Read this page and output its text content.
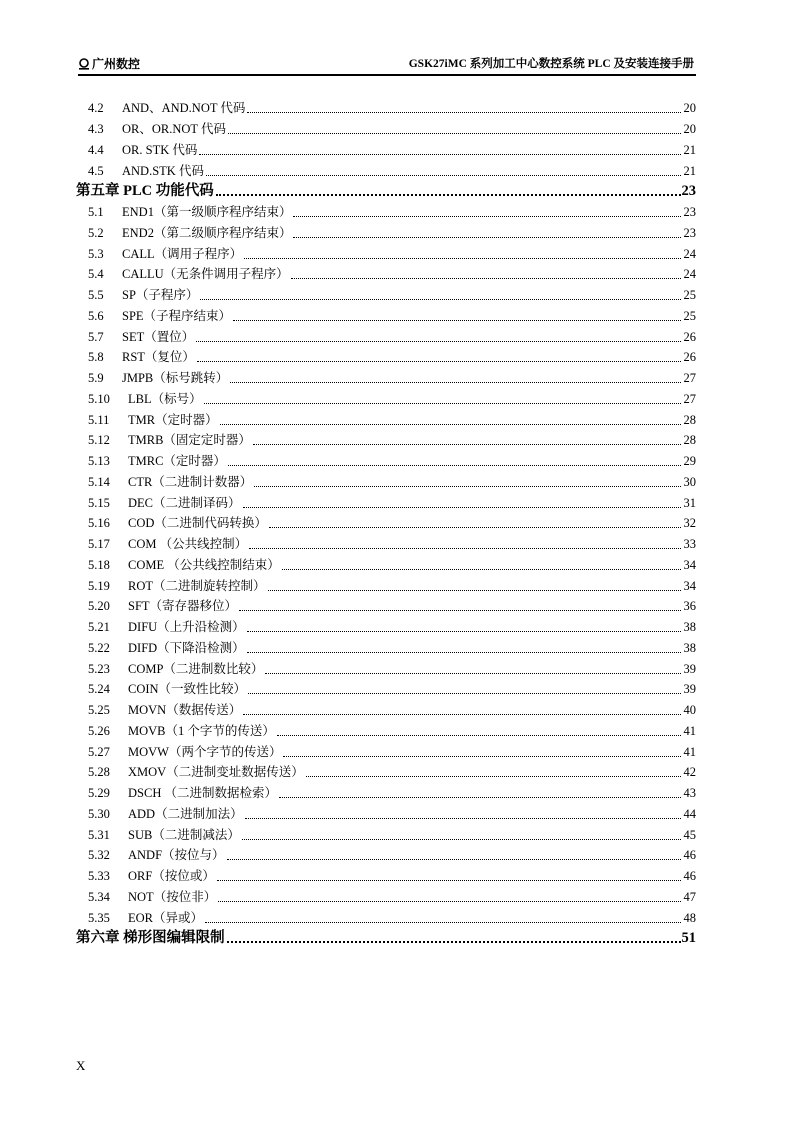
广州数控	GSK27iMC 系列加工中心数控系统 PLC 及安装连接手册
4.2	AND、AND.NOT 代码	20
4.3	OR、OR.NOT 代码	20
4.4	OR. STK 代码	21
4.5	AND.STK 代码	21
第五章 PLC 功能代码	23
5.1	END1（第一级顺序程序结束）	23
5.2	END2（第二级顺序程序结束）	23
5.3	CALL（调用子程序）	24
5.4	CALLU（无条件调用子程序）	24
5.5	SP（子程序）	25
5.6	SPE（子程序结束）	25
5.7	SET（置位）	26
5.8	RST（复位）	26
5.9	JMPB（标号跳转）	27
5.10	LBL（标号）	27
5.11	TMR（定时器）	28
5.12	TMRB（固定定时器）	28
5.13	TMRC（定时器）	29
5.14	CTR（二进制计数器）	30
5.15	DEC（二进制译码）	31
5.16	COD（二进制代码转换）	32
5.17	COM （公共线控制）	33
5.18	COME （公共线控制结束）	34
5.19	ROT（二进制旋转控制）	34
5.20	SFT（寄存器移位）	36
5.21	DIFU（上升沿检测）	38
5.22	DIFD（下降沿检测）	38
5.23	COMP（二进制数比较）	39
5.24	COIN（一致性比较）	39
5.25	MOVN（数据传送）	40
5.26	MOVB（1 个字节的传送）	41
5.27	MOVW（两个字节的传送）	41
5.28	XMOV（二进制变址数据传送）	42
5.29	DSCH （二进制数据检索）	43
5.30	ADD（二进制加法）	44
5.31	SUB（二进制减法）	45
5.32	ANDF（按位与）	46
5.33	ORF（按位或）	46
5.34	NOT（按位非）	47
5.35	EOR（异或）	48
第六章 梯形图编辑限制	51
X
